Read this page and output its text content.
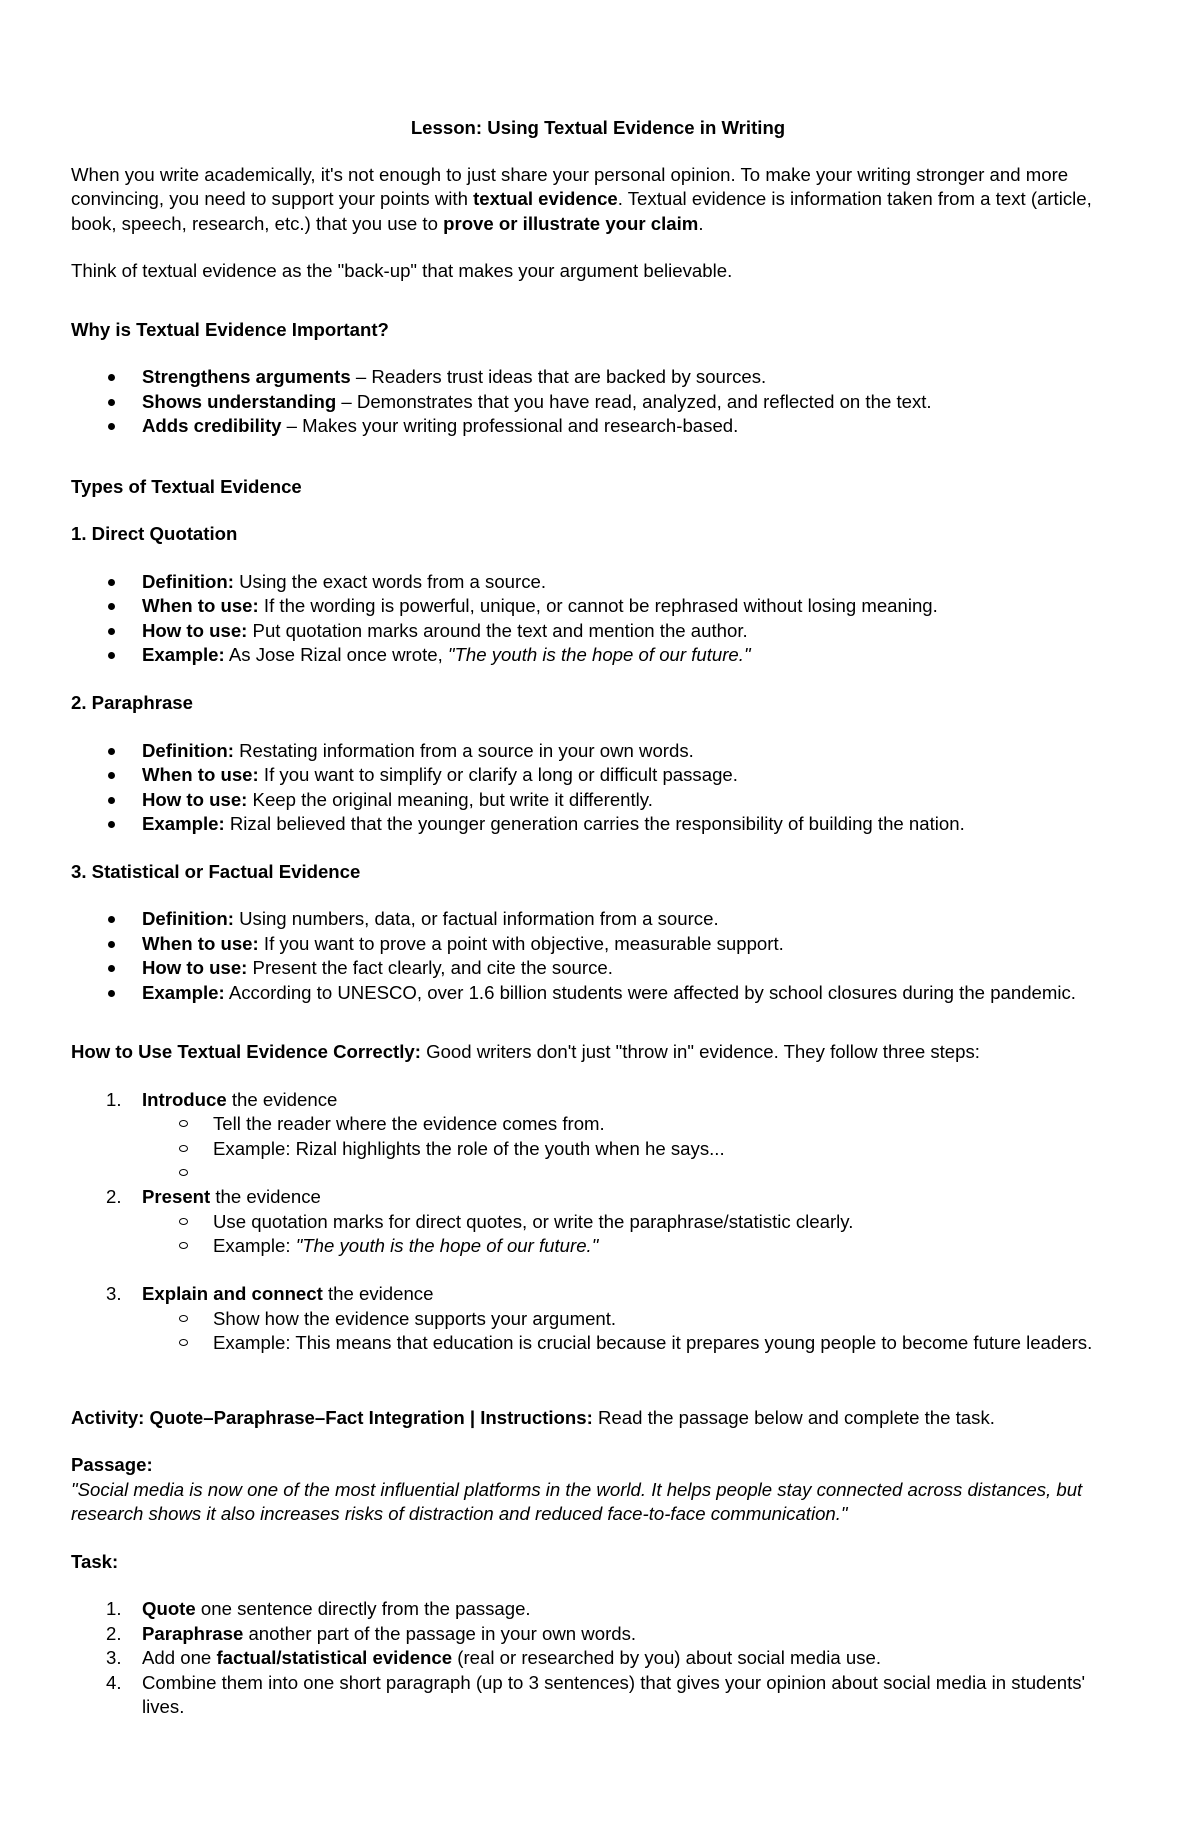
Lesson: Using Textual Evidence in Writing

When you write academically, it's not enough to just share your personal opinion. To make your writing stronger and more convincing, you need to support your points with textual evidence. Textual evidence is information taken from a text (article, book, speech, research, etc.) that you use to prove or illustrate your claim.

Think of textual evidence as the "back-up" that makes your argument believable.

Why is Textual Evidence Important?

Strengthens arguments – Readers trust ideas that are backed by sources.
Shows understanding – Demonstrates that you have read, analyzed, and reflected on the text.
Adds credibility – Makes your writing professional and research-based.

Types of Textual Evidence

1. Direct Quotation

Definition: Using the exact words from a source.
When to use: If the wording is powerful, unique, or cannot be rephrased without losing meaning.
How to use: Put quotation marks around the text and mention the author.
Example: As Jose Rizal once wrote, "The youth is the hope of our future."

2. Paraphrase

Definition: Restating information from a source in your own words.
When to use: If you want to simplify or clarify a long or difficult passage.
How to use: Keep the original meaning, but write it differently.
Example: Rizal believed that the younger generation carries the responsibility of building the nation.

3. Statistical or Factual Evidence

Definition: Using numbers, data, or factual information from a source.
When to use: If you want to prove a point with objective, measurable support.
How to use: Present the fact clearly, and cite the source.
Example: According to UNESCO, over 1.6 billion students were affected by school closures during the pandemic.

How to Use Textual Evidence Correctly: Good writers don't just "throw in" evidence. They follow three steps:

1. Introduce the evidence
Tell the reader where the evidence comes from.
Example: Rizal highlights the role of the youth when he says...
2. Present the evidence
Use quotation marks for direct quotes, or write the paraphrase/statistic clearly.
Example: "The youth is the hope of our future."
3. Explain and connect the evidence
Show how the evidence supports your argument.
Example: This means that education is crucial because it prepares young people to become future leaders.

Activity: Quote–Paraphrase–Fact Integration | Instructions: Read the passage below and complete the task.

Passage:

"Social media is now one of the most influential platforms in the world. It helps people stay connected across distances, but research shows it also increases risks of distraction and reduced face-to-face communication."

Task:

1. Quote one sentence directly from the passage.
2. Paraphrase another part of the passage in your own words.
3. Add one factual/statistical evidence (real or researched by you) about social media use.
4. Combine them into one short paragraph (up to 3 sentences) that gives your opinion about social media in students' lives.
